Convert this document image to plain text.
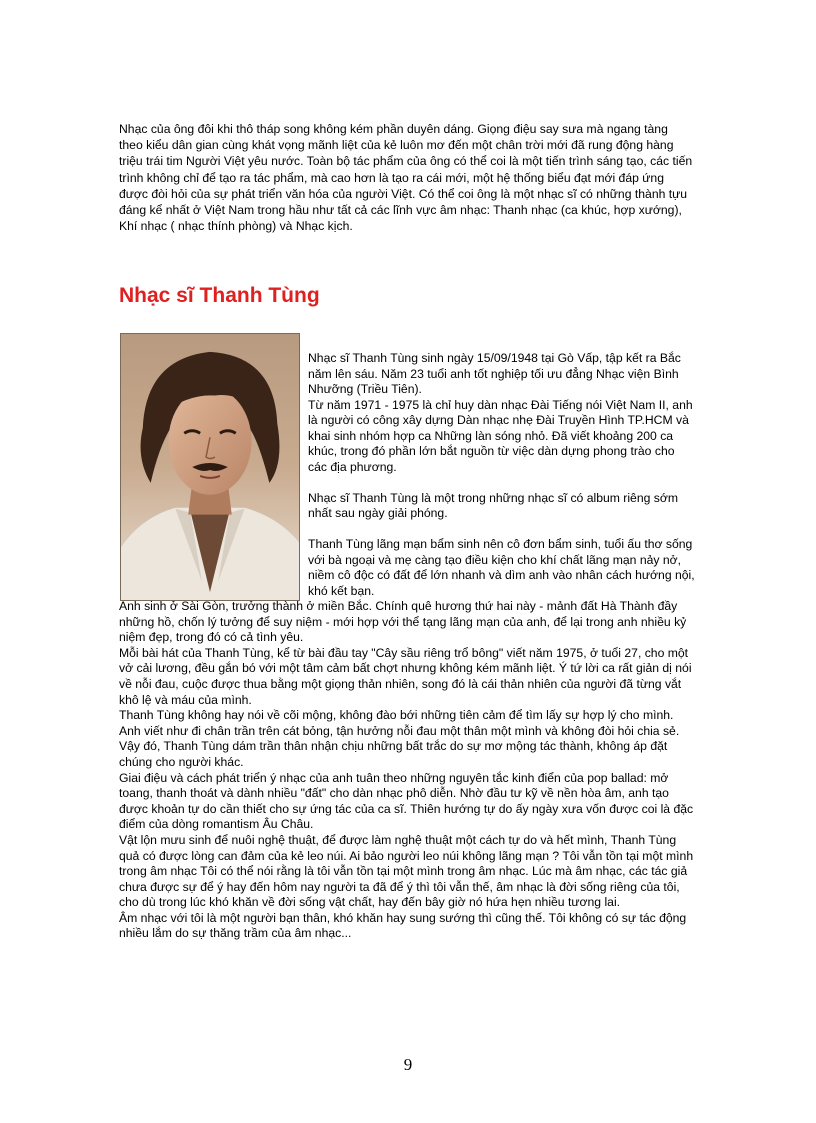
Nhạc của ông đôi khi thô tháp song không kém phần duyên dáng. Giọng điệu say sưa mà ngang tàng theo kiểu dân gian cùng khát vọng mãnh liệt của kẻ luôn mơ đến một chân trời mới đã rung động hàng triệu trái tim Người Việt yêu nước. Toàn bộ tác phẩm của ông có thể coi là một tiến trình sáng tạo, các tiến trình không chỉ để tạo ra tác phẩm, mà cao hơn là tạo ra cái mới, một hệ thống biểu đạt mới đáp ứng được đòi hỏi của sự phát triển văn hóa của người Việt. Có thể coi ông là một nhạc sĩ có những thành tựu đáng kể nhất ở Việt Nam trong hầu như tất cả các lĩnh vực âm nhạc: Thanh nhạc (ca khúc, hợp xướng), Khí nhạc ( nhạc thính phòng) và Nhạc kịch.

Nhạc sĩ Thanh Tùng

Nhạc sĩ Thanh Tùng sinh ngày 15/09/1948 tại Gò Vấp, tập kết ra Bắc năm lên sáu. Năm 23 tuổi anh tốt nghiệp tối ưu đẳng Nhạc viện Bình Nhưỡng (Triều Tiên).

Từ năm 1971 - 1975 là chỉ huy dàn nhạc Đài Tiếng nói Việt Nam II, anh là người có công xây dựng Dàn nhạc nhẹ Đài Truyền Hình TP.HCM và khai sinh nhóm hợp ca Những làn sóng nhỏ. Đã viết khoảng 200 ca khúc, trong đó phần lớn bắt nguồn từ việc dàn dựng phong trào cho các địa phương.

Nhạc sĩ Thanh Tùng là một trong những nhạc sĩ có album riêng sớm nhất sau ngày giải phóng.

Thanh Tùng lãng mạn bẩm sinh nên cô đơn bẩm sinh, tuổi ấu thơ sống với bà ngoại và mẹ càng tạo điều kiện cho khí chất lãng mạn nảy nở, niềm cô độc có đất để lớn nhanh và dìm anh vào nhân cách hướng nội, khó kết bạn.

Anh sinh ở Sài Gòn, trưởng thành ở miền Bắc. Chính quê hương thứ hai này - mảnh đất Hà Thành đầy những hồ, chốn lý tưởng để suy niệm - mới hợp với thể tạng lãng mạn của anh, để lại trong anh nhiều kỷ niệm đẹp, trong đó có cả tình yêu.

Mỗi bài hát của Thanh Tùng, kể từ bài đầu tay "Cây sầu riêng trổ bông" viết năm 1975, ở tuổi 27, cho một vở cải lương, đều gắn bó với một tâm cảm bất chợt nhưng không kém mãnh liệt. Ý tứ lời ca rất giản dị nói về nỗi đau, cuộc được thua bằng một giọng thản nhiên, song đó là cái thản nhiên của người đã từng vắt khô lệ và máu của mình.

Thanh Tùng không hay nói về cõi mộng, không đào bới những tiên cảm để tìm lấy sự hợp lý cho mình. Anh viết như đi chân trần trên cát bỏng, tận hưởng nỗi đau một thân một mình và không đòi hỏi chia sẻ.

Vậy đó, Thanh Tùng dám trần thân nhận chịu những bất trắc do sự mơ mộng tác thành, không áp đặt chúng cho người khác.

Giai điệu và cách phát triển ý nhạc của anh tuân theo những nguyên tắc kinh điển của pop ballad: mở toang, thanh thoát và dành nhiều "đất" cho dàn nhạc phô diễn. Nhờ đầu tư kỹ về nền hòa âm, anh tạo được khoản tự do cần thiết cho sự ứng tác của ca sĩ. Thiên hướng tự do ấy ngày xưa vốn được coi là đặc điểm của dòng romantism Âu Châu.

Vật lộn mưu sinh để nuôi nghệ thuật, để được làm nghệ thuật một cách tự do và hết mình, Thanh Tùng quả có được lòng can đảm của kẻ leo núi. Ai bảo người leo núi không lãng mạn ? Tôi vẫn tồn tại một mình trong âm nhạc Tôi có thể nói rằng là tôi vẫn tồn tại một mình trong âm nhạc. Lúc mà âm nhạc, các tác giả chưa được sự để ý hay đến hôm nay người ta đã để ý thì tôi vẫn thế, âm nhạc là đời sống riêng của tôi, cho dù trong lúc khó khăn về đời sống vật chất, hay đến bây giờ nó hứa hẹn nhiều tương lai.

Âm nhạc với tôi là một người bạn thân, khó khăn hay sung sướng thì cũng thế. Tôi không có sự tác động nhiều lắm do sự thăng trầm của âm nhạc...

9
